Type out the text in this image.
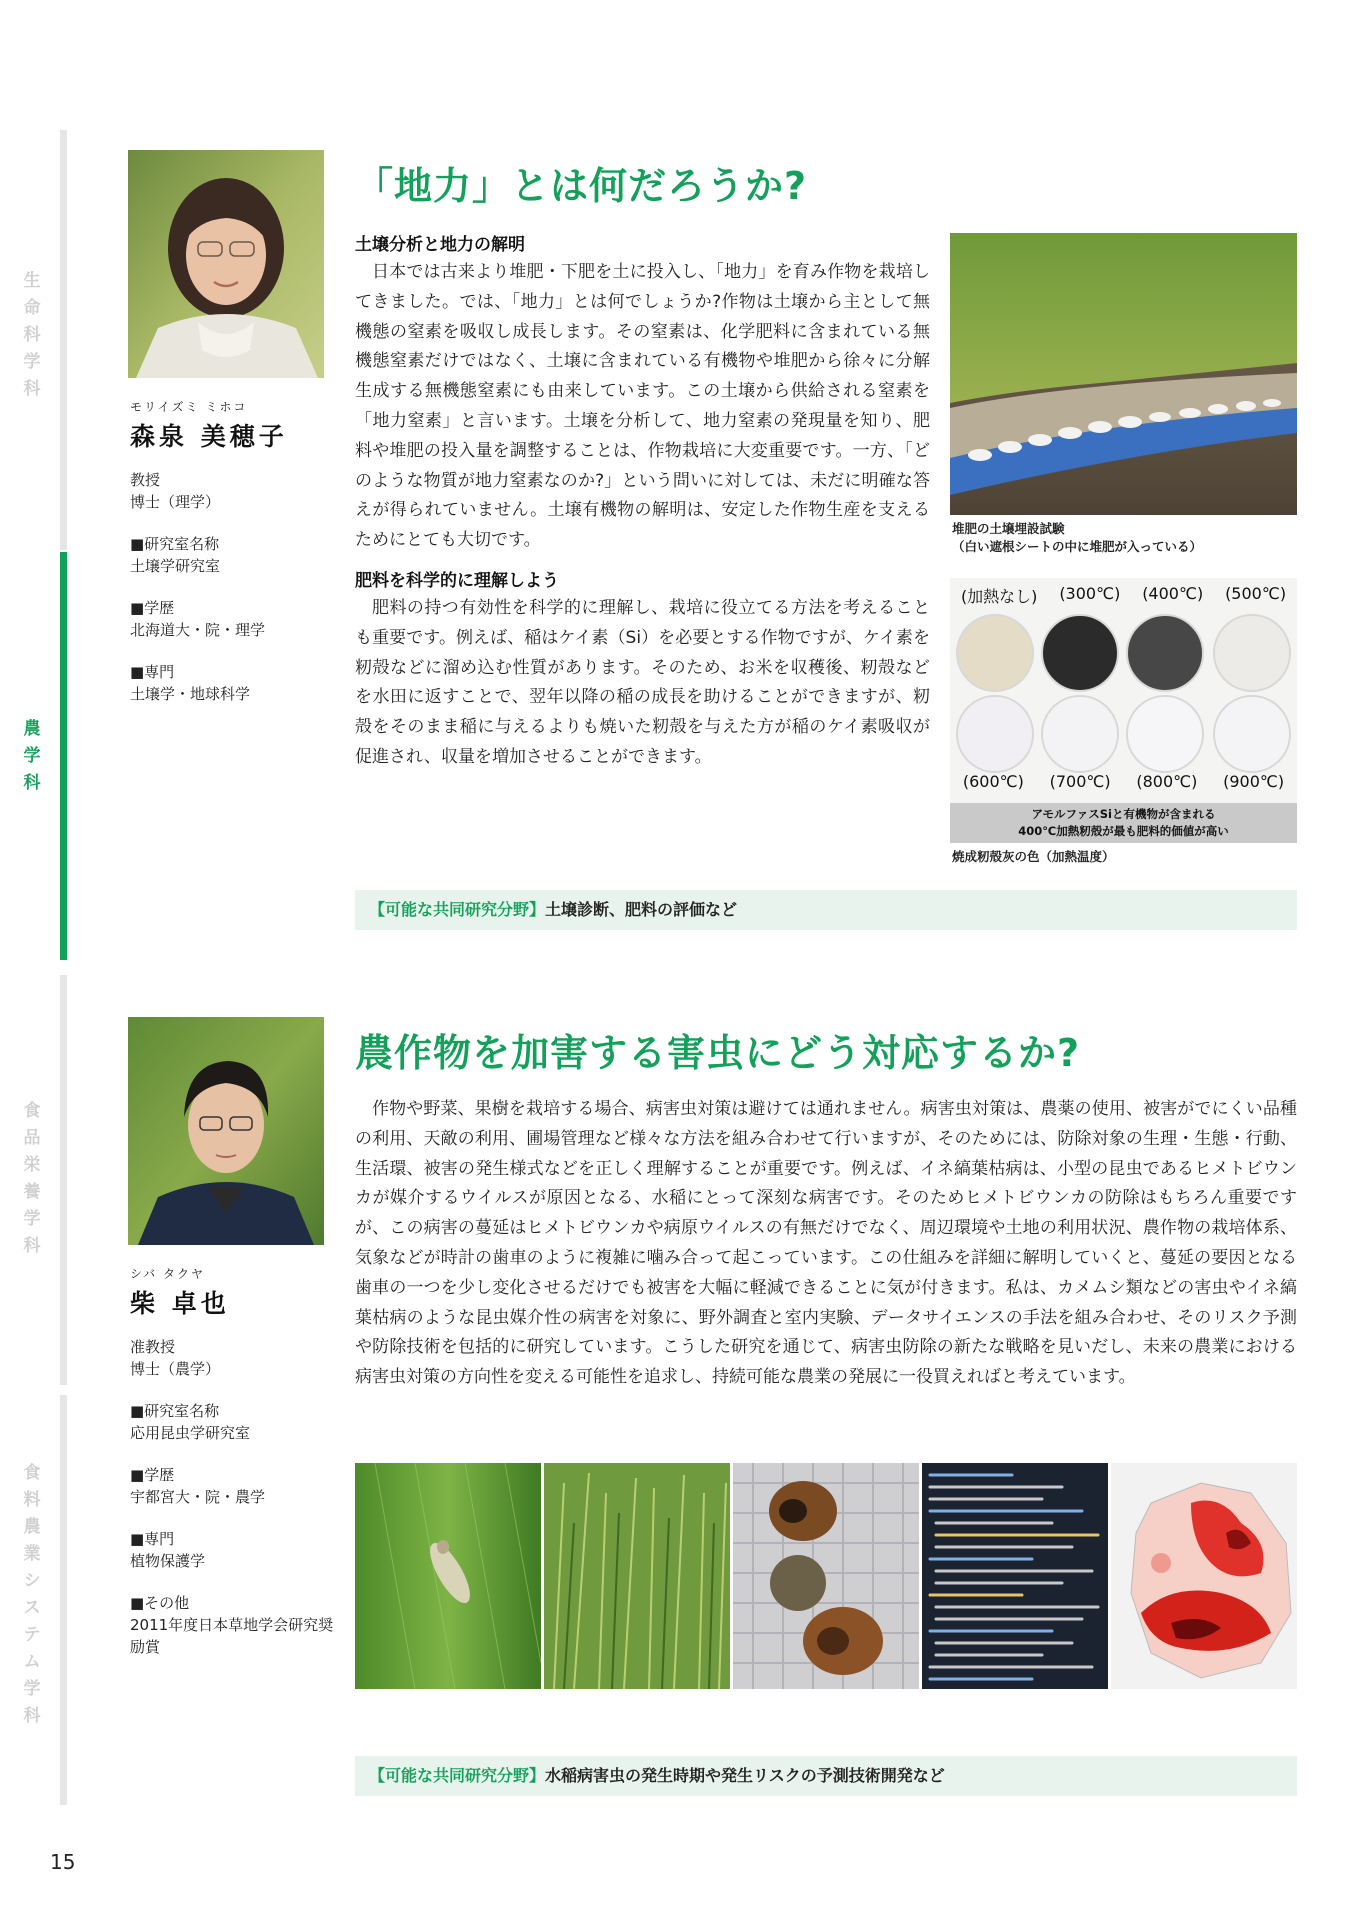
生
命
科
学
科
農
学
科
食
品
栄
養
学
科
食
料
農
業
シ
ス
テ
ム
学
科
モリイズミ ミホコ
森泉 美穂子
教授
博士（理学）
■研究室名称
土壌学研究室
■学歴
北海道大・院・理学
■専門
土壌学・地球科学
「地力」とは何だろうか?
土壌分析と地力の解明

日本では古来より堆肥・下肥を土に投入し、「地力」を育み作物を栽培してきました。では、「地力」とは何でしょうか?作物は土壌から主として無機態の窒素を吸収し成長します。その窒素は、化学肥料に含まれている無機態窒素だけではなく、土壌に含まれている有機物や堆肥から徐々に分解生成する無機態窒素にも由来しています。この土壌から供給される窒素を「地力窒素」と言います。土壌を分析して、地力窒素の発現量を知り、肥料や堆肥の投入量を調整することは、作物栽培に大変重要です。一方、「どのような物質が地力窒素なのか?」という問いに対しては、未だに明確な答えが得られていません。土壌有機物の解明は、安定した作物生産を支えるためにとても大切です。

肥料を科学的に理解しよう

肥料の持つ有効性を科学的に理解し、栽培に役立てる方法を考えることも重要です。例えば、稲はケイ素（Si）を必要とする作物ですが、ケイ素を籾殻などに溜め込む性質があります。そのため、お米を収穫後、籾殻などを水田に返すことで、翌年以降の稲の成長を助けることができますが、籾殻をそのまま稲に与えるよりも焼いた籾殻を与えた方が稲のケイ素吸収が促進され、収量を増加させることができます。

堆肥の土壌埋設試験
（白い遮根シートの中に堆肥が入っている）
(加熱なし) (300℃) (400℃) (500℃)
(600℃) (700℃) (800℃) (900℃)
アモルファスSiと有機物が含まれる
400℃加熱籾殻が最も肥料的価値が高い
焼成籾殻灰の色（加熱温度）
【可能な共同研究分野】土壌診断、肥料の評価など
シバ タクヤ
柴 卓也
准教授
博士（農学）
■研究室名称
応用昆虫学研究室
■学歴
宇都宮大・院・農学
■専門
植物保護学
■その他
2011年度日本草地学会研究奨励賞
農作物を加害する害虫にどう対応するか?

作物や野菜、果樹を栽培する場合、病害虫対策は避けては通れません。病害虫対策は、農薬の使用、被害がでにくい品種の利用、天敵の利用、圃場管理など様々な方法を組み合わせて行いますが、そのためには、防除対象の生理・生態・行動、生活環、被害の発生様式などを正しく理解することが重要です。例えば、イネ縞葉枯病は、小型の昆虫であるヒメトビウンカが媒介するウイルスが原因となる、水稲にとって深刻な病害です。そのためヒメトビウンカの防除はもちろん重要ですが、この病害の蔓延はヒメトビウンカや病原ウイルスの有無だけでなく、周辺環境や土地の利用状況、農作物の栽培体系、気象などが時計の歯車のように複雑に噛み合って起こっています。この仕組みを詳細に解明していくと、蔓延の要因となる歯車の一つを少し変化させるだけでも被害を大幅に軽減できることに気が付きます。私は、カメムシ類などの害虫やイネ縞葉枯病のような昆虫媒介性の病害を対象に、野外調査と室内実験、データサイエンスの手法を組み合わせ、そのリスク予測や防除技術を包括的に研究しています。こうした研究を通じて、病害虫防除の新たな戦略を見いだし、未来の農業における病害虫対策の方向性を変える可能性を追求し、持続可能な農業の発展に一役買えればと考えています。

【可能な共同研究分野】水稲病害虫の発生時期や発生リスクの予測技術開発など
15
